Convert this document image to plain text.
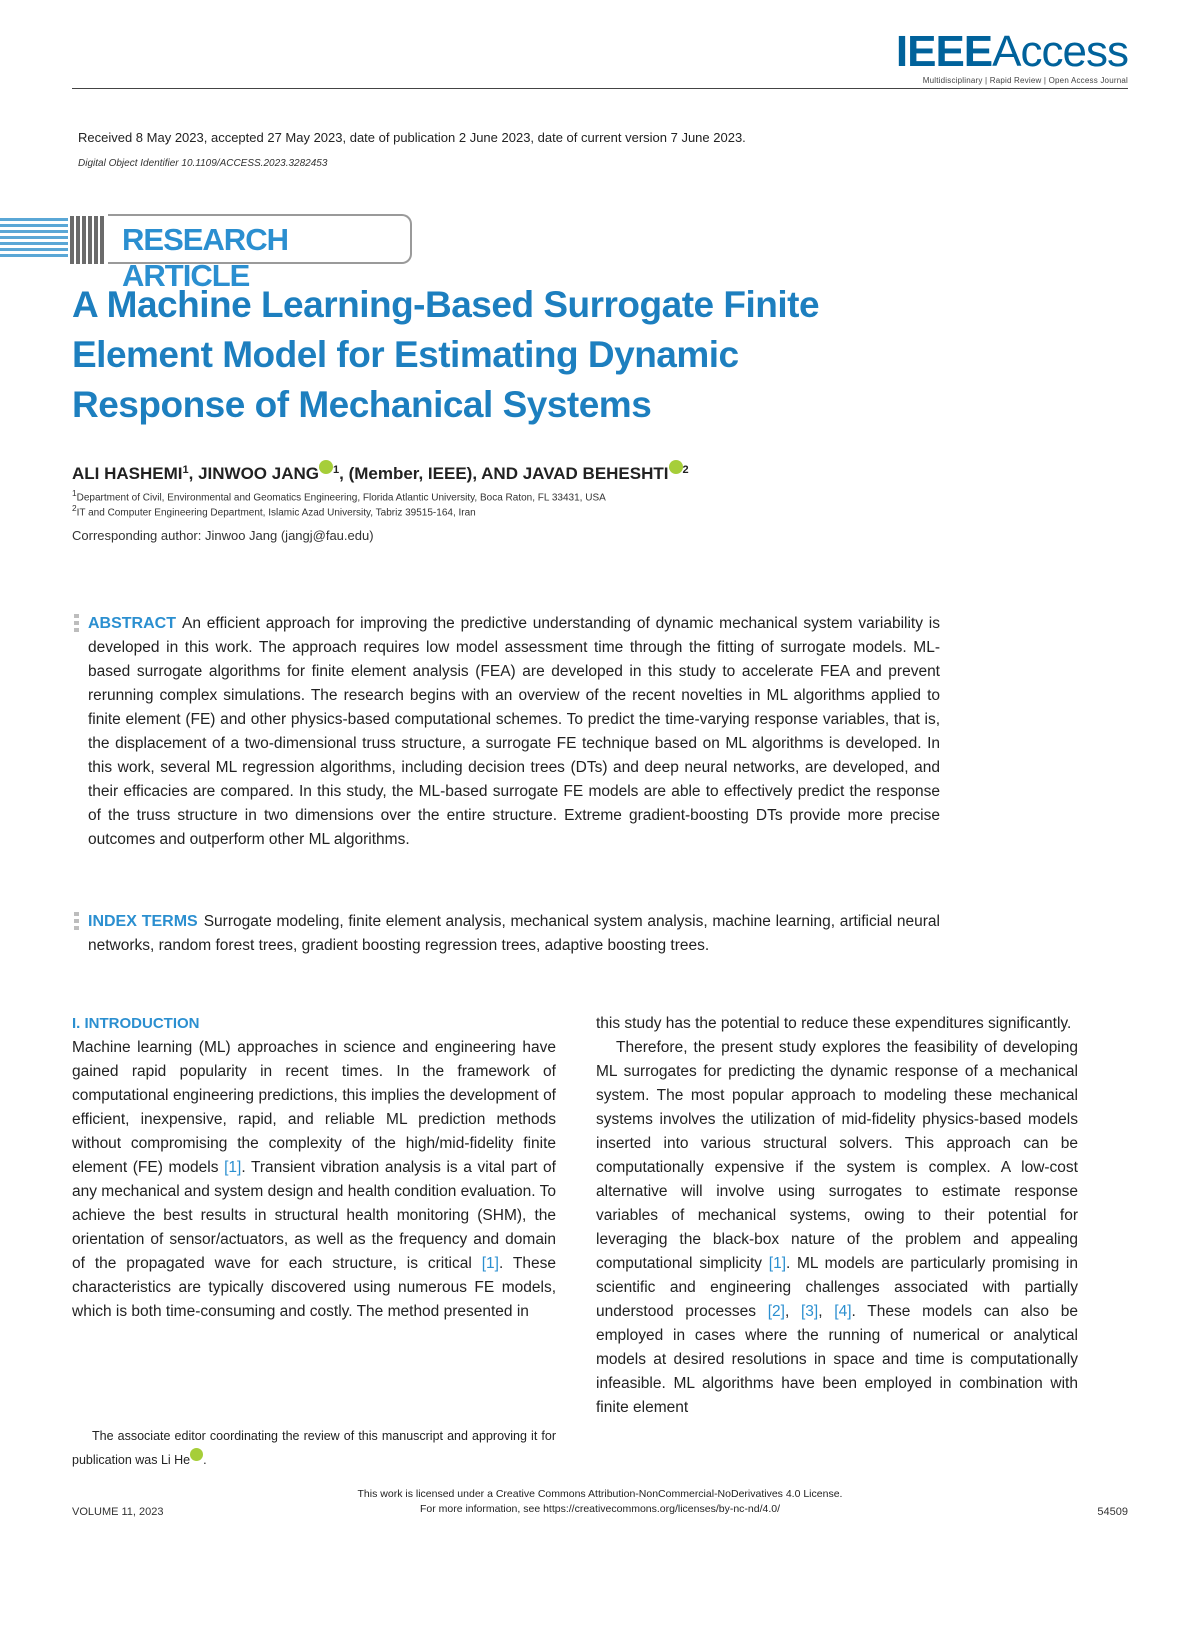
IEEEAccess
Multidisciplinary | Rapid Review | Open Access Journal
Received 8 May 2023, accepted 27 May 2023, date of publication 2 June 2023, date of current version 7 June 2023.
Digital Object Identifier 10.1109/ACCESS.2023.3282453
RESEARCH ARTICLE
A Machine Learning-Based Surrogate Finite
Element Model for Estimating Dynamic
Response of Mechanical Systems
ALI HASHEMI$^1$, JINWOO JANG $^1$, (Member, IEEE), AND JAVAD BEHESHTI $^2$
$^1$Department of Civil, Environmental and Geomatics Engineering, Florida Atlantic University, Boca Raton, FL 33431, USA
$^2$IT and Computer Engineering Department, Islamic Azad University, Tabriz 39515-164, Iran
Corresponding author: Jinwoo Jang (jangj@fau.edu)
ABSTRACT An efficient approach for improving the predictive understanding of dynamic mechanical system variability is developed in this work. The approach requires low model assessment time through the fitting of surrogate models. ML-based surrogate algorithms for finite element analysis (FEA) are developed in this study to accelerate FEA and prevent rerunning complex simulations. The research begins with an overview of the recent novelties in ML algorithms applied to finite element (FE) and other physics-based computational schemes. To predict the time-varying response variables, that is, the displacement of a two-dimensional truss structure, a surrogate FE technique based on ML algorithms is developed. In this work, several ML regression algorithms, including decision trees (DTs) and deep neural networks, are developed, and their efficacies are compared. In this study, the ML-based surrogate FE models are able to effectively predict the response of the truss structure in two dimensions over the entire structure. Extreme gradient-boosting DTs provide more precise outcomes and outperform other ML algorithms.
INDEX TERMS Surrogate modeling, finite element analysis, mechanical system analysis, machine learning, artificial neural networks, random forest trees, gradient boosting regression trees, adaptive boosting trees.
I. INTRODUCTION
Machine learning (ML) approaches in science and engineering have gained rapid popularity in recent times. In the framework of computational engineering predictions, this implies the development of efficient, inexpensive, rapid, and reliable ML prediction methods without compromising the complexity of the high/mid-fidelity finite element (FE) models [1]. Transient vibration analysis is a vital part of any mechanical and system design and health condition evaluation. To achieve the best results in structural health monitoring (SHM), the orientation of sensor/actuators, as well as the frequency and domain of the propagated wave for each structure, is critical [1]. These characteristics are typically discovered using numerous FE models, which is both time-consuming and costly. The method presented in
The associate editor coordinating the review of this manuscript and approving it for publication was Li He .
this study has the potential to reduce these expenditures significantly.
Therefore, the present study explores the feasibility of developing ML surrogates for predicting the dynamic response of a mechanical system. The most popular approach to modeling these mechanical systems involves the utilization of mid-fidelity physics-based models inserted into various structural solvers. This approach can be computationally expensive if the system is complex. A low-cost alternative will involve using surrogates to estimate response variables of mechanical systems, owing to their potential for leveraging the black-box nature of the problem and appealing computational simplicity [1]. ML models are particularly promising in scientific and engineering challenges associated with partially understood processes [2], [3], [4]. These models can also be employed in cases where the running of numerical or analytical models at desired resolutions in space and time is computationally infeasible. ML algorithms have been employed in combination with finite element
This work is licensed under a Creative Commons Attribution-NonCommercial-NoDerivatives 4.0 License.
For more information, see https://creativecommons.org/licenses/by-nc-nd/4.0/
VOLUME 11, 2023	54509
